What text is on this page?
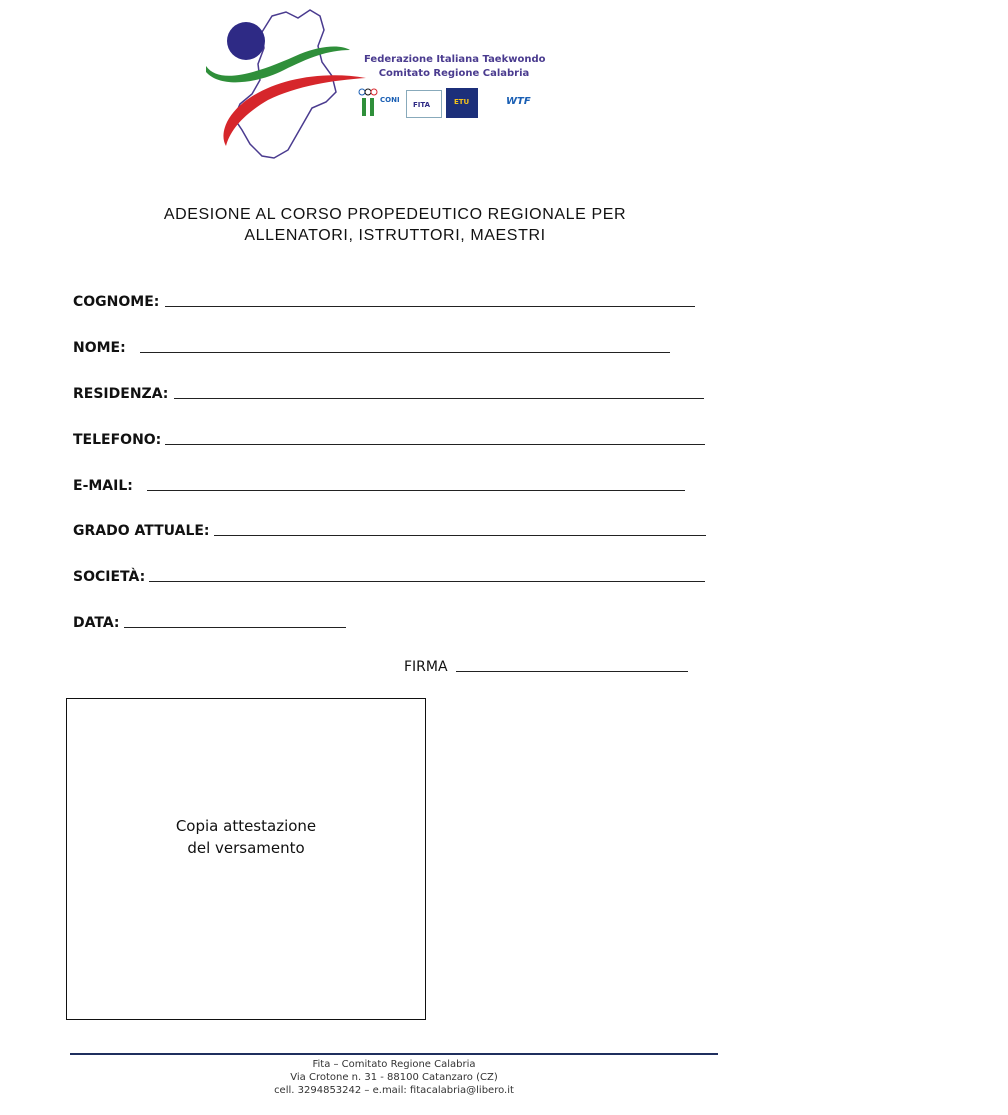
Federazione Italiana Taekwondo
Comitato Regione Calabria
CONI
FITA	ETU	WTF
ADESIONE AL CORSO PROPEDEUTICO REGIONALE PER
ALLENATORI, ISTRUTTORI, MAESTRI
COGNOME:
NOME:
RESIDENZA:
TELEFONO:
E-MAIL:
GRADO ATTUALE:
SOCIETÀ:
DATA:
FIRMA
Copia attestazione
del versamento
Fita – Comitato Regione Calabria
Via Crotone n. 31 - 88100 Catanzaro (CZ)
cell. 3294853242 – e.mail: fitacalabria@libero.it
